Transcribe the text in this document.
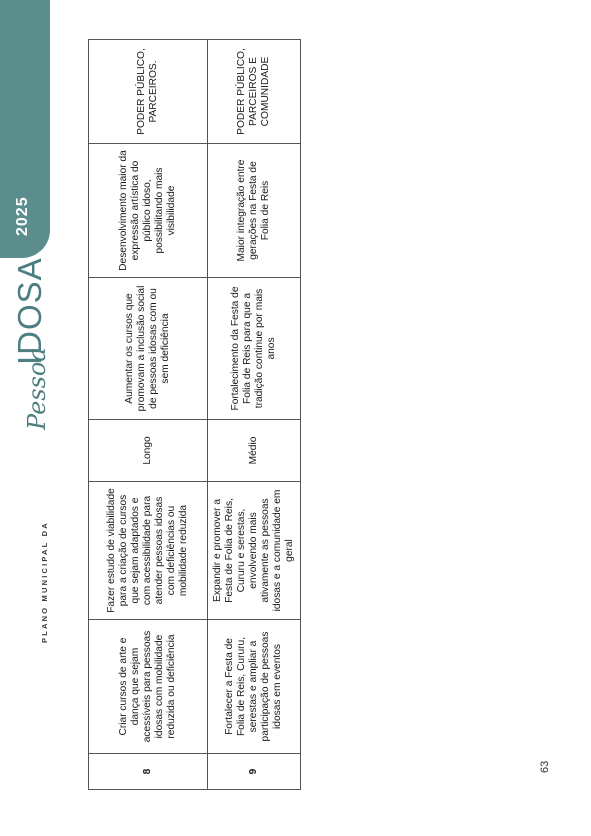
PLANO MUNICIPAL DA
Pessoa
IDOSA
2025
8	Criar cursos de arte e dança que sejam acessíveis para pessoas idosas com mobilidade reduzida ou deficiência	Fazer estudo de viabilidade para a criação de cursos que sejam adaptados e com acessibilidade para atender pessoas idosas com deficiências ou mobilidade reduzida	Longo	Aumentar os cursos que promovam a inclusão social de pessoas idosas com ou sem deficiência	Desenvolvimento maior da expressão artística do público idoso, possibilitando mais visibilidade	PODER PÚBLICO, PARCEIROS.
9	Fortalecer a Festa de Folia de Reis, Cururu, serestas e ampliar a participação de pessoas idosas em eventos	Expandir e promover a Festa de Folia de Reis, Cururu e serestas, envolvendo mais ativamente as pessoas idosas e a comunidade em geral	Médio	Fortalecimento da Festa de Folia de Reis para que a tradição continue por mais anos	Maior integração entre gerações na Festa de Folia de Reis	PODER PÚBLICO, PARCEIROS E COMUNIDADE
63
